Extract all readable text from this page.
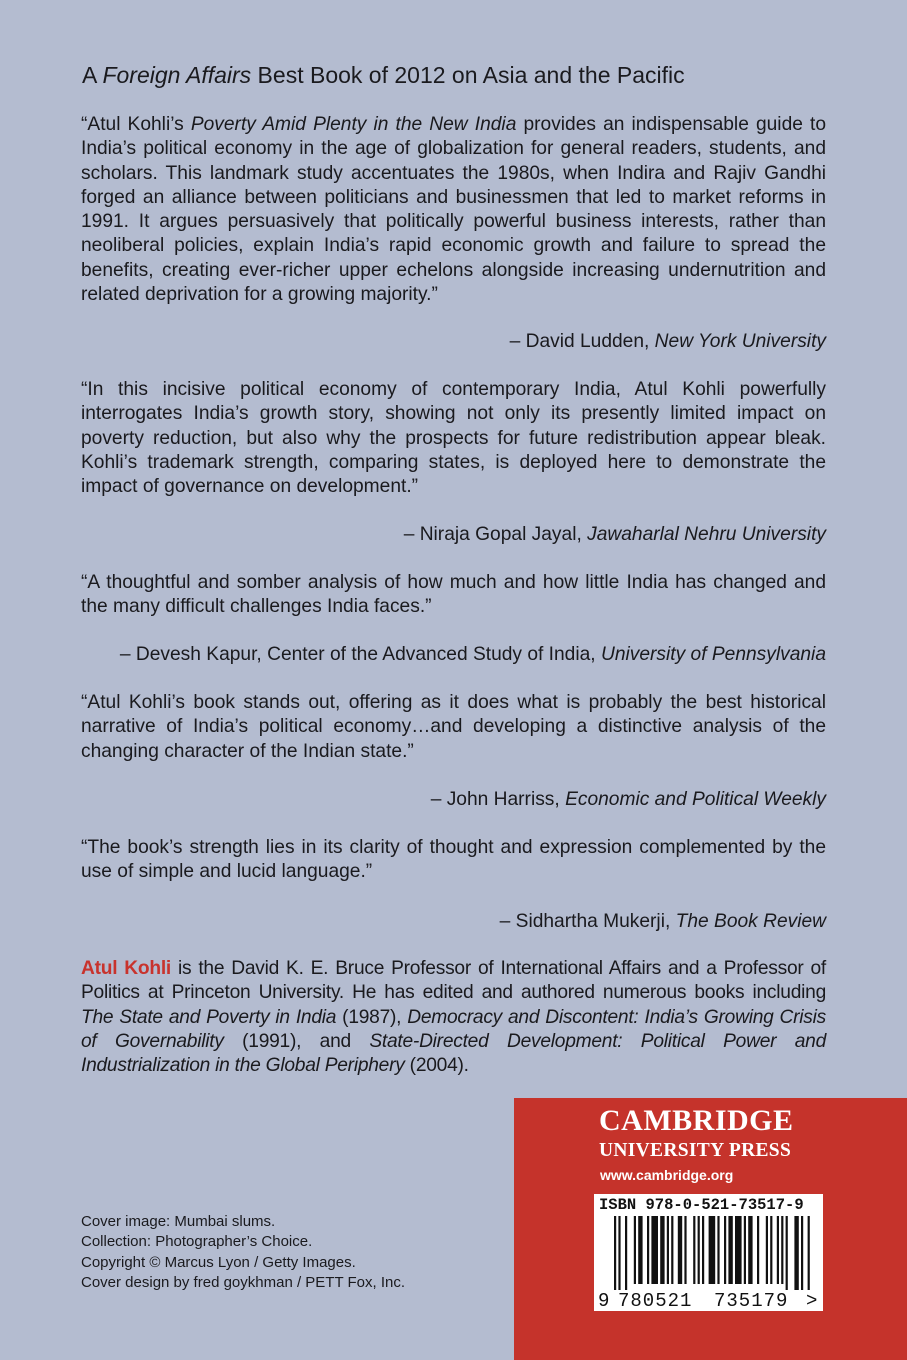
A Foreign Affairs Best Book of 2012 on Asia and the Pacific

“Atul Kohli’s Poverty Amid Plenty in the New India provides an indispensable guide to India’s political economy in the age of globalization for general readers, students, and scholars. This landmark study accentuates the 1980s, when Indira and Rajiv Gandhi forged an alliance between politicians and businessmen that led to market reforms in 1991. It argues persuasively that politically powerful business interests, rather than neoliberal policies, explain India’s rapid economic growth and failure to spread the benefits, creating ever-richer upper echelons alongside increasing undernutrition and related deprivation for a growing majority.”

– David Ludden, New York University

“In this incisive political economy of contemporary India, Atul Kohli powerfully interrogates India’s growth story, showing not only its presently limited impact on poverty reduction, but also why the prospects for future redistribution appear bleak. Kohli’s trademark strength, comparing states, is deployed here to demonstrate the impact of governance on development.”

– Niraja Gopal Jayal, Jawaharlal Nehru University

“A thoughtful and somber analysis of how much and how little India has changed and the many difficult challenges India faces.”

– Devesh Kapur, Center of the Advanced Study of India, University of Pennsylvania

“Atul Kohli’s book stands out, offering as it does what is probably the best historical narrative of India’s political economy…and developing a distinctive analysis of the changing character of the Indian state.”

– John Harriss, Economic and Political Weekly

“The book’s strength lies in its clarity of thought and expression complemented by the use of simple and lucid language.”

– Sidhartha Mukerji, The Book Review

Atul Kohli is the David K. E. Bruce Professor of International Affairs and a Professor of Politics at Princeton University. He has edited and authored numerous books including The State and Poverty in India (1987), Democracy and Discontent: India’s Growing Crisis of Governability (1991), and State-Directed Development: Political Power and Industrialization in the Global Periphery (2004).

Cover image: Mumbai slums.
Collection: Photographer’s Choice.
Copyright © Marcus Lyon / Getty Images.
Cover design by fred goykhman / PETT Fox, Inc.
CAMBRIDGE
UNIVERSITY PRESS
www.cambridge.org
ISBN 978-0-521-73517-9
9 780521 735179 >
